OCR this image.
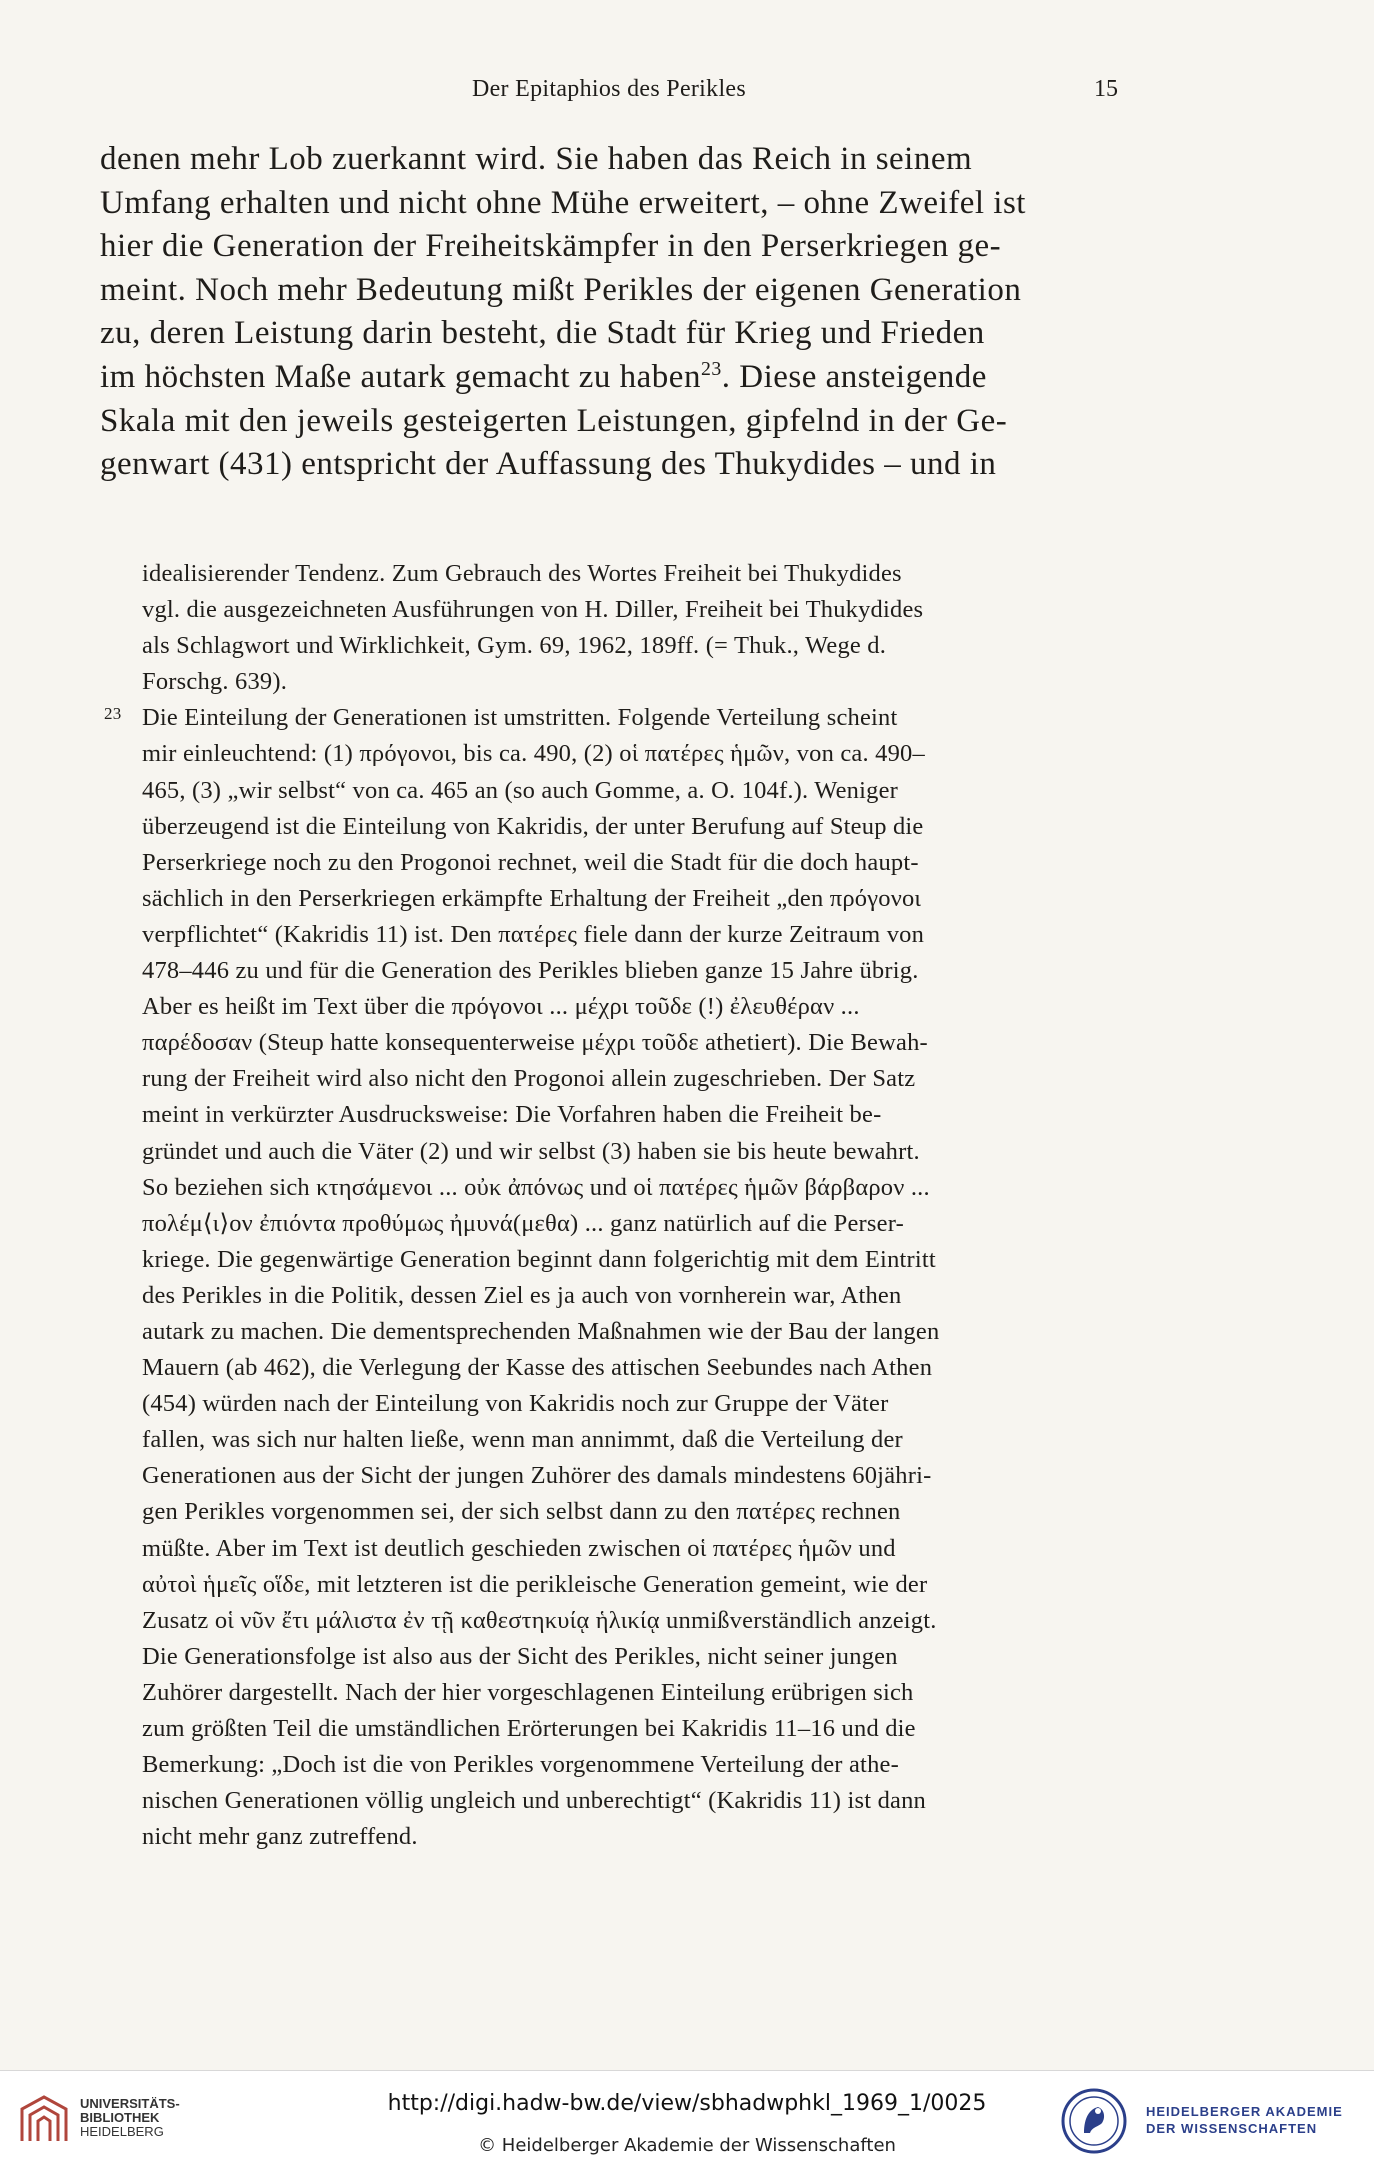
Der Epitaphios des Perikles	15
denen mehr Lob zuerkannt wird. Sie haben das Reich in seinem
Umfang erhalten und nicht ohne Mühe erweitert, – ohne Zweifel ist
hier die Generation der Freiheitskämpfer in den Perserkriegen ge-
meint. Noch mehr Bedeutung mißt Perikles der eigenen Generation
zu, deren Leistung darin besteht, die Stadt für Krieg und Frieden
im höchsten Maße autark gemacht zu haben$^{23}$. Diese ansteigende
Skala mit den jeweils gesteigerten Leistungen, gipfelnd in der Ge-
genwart (431) entspricht der Auffassung des Thukydides – und in
idealisierender Tendenz. Zum Gebrauch des Wortes Freiheit bei Thukydides
vgl. die ausgezeichneten Ausführungen von H. Diller, Freiheit bei Thukydides
als Schlagwort und Wirklichkeit, Gym. 69, 1962, 189ff. (= Thuk., Wege d.
Forschg. 639).
23 Die Einteilung der Generationen ist umstritten. Folgende Verteilung scheint
mir einleuchtend: (1) πρόγονοι, bis ca. 490, (2) οἱ πατέρες ἡμῶν, von ca. 490–
465, (3) „wir selbst“ von ca. 465 an (so auch Gomme, a. O. 104f.). Weniger
überzeugend ist die Einteilung von Kakridis, der unter Berufung auf Steup die
Perserkriege noch zu den Progonoi rechnet, weil die Stadt für die doch haupt-
sächlich in den Perserkriegen erkämpfte Erhaltung der Freiheit „den πρόγονοι
verpflichtet“ (Kakridis 11) ist. Den πατέρες fiele dann der kurze Zeitraum von
478–446 zu und für die Generation des Perikles blieben ganze 15 Jahre übrig.
Aber es heißt im Text über die πρόγονοι ... μέχρι τοῦδε (!) ἐλευθέραν ...
παρέδοσαν (Steup hatte konsequenterweise μέχρι τοῦδε athetiert). Die Bewah-
rung der Freiheit wird also nicht den Progonoi allein zugeschrieben. Der Satz
meint in verkürzter Ausdrucksweise: Die Vorfahren haben die Freiheit be-
gründet und auch die Väter (2) und wir selbst (3) haben sie bis heute bewahrt.
So beziehen sich κτησάμενοι ... οὐκ ἀπόνως und οἱ πατέρες ἡμῶν βάρβαρον ...
πολέμ⟨ι⟩ον ἐπιόντα προθύμως ἠμυνά(μεθα) ... ganz natürlich auf die Perser-
kriege. Die gegenwärtige Generation beginnt dann folgerichtig mit dem Eintritt
des Perikles in die Politik, dessen Ziel es ja auch von vornherein war, Athen
autark zu machen. Die dementsprechenden Maßnahmen wie der Bau der langen
Mauern (ab 462), die Verlegung der Kasse des attischen Seebundes nach Athen
(454) würden nach der Einteilung von Kakridis noch zur Gruppe der Väter
fallen, was sich nur halten ließe, wenn man annimmt, daß die Verteilung der
Generationen aus der Sicht der jungen Zuhörer des damals mindestens 60jähri-
gen Perikles vorgenommen sei, der sich selbst dann zu den πατέρες rechnen
müßte. Aber im Text ist deutlich geschieden zwischen οἱ πατέρες ἡμῶν und
αὐτοὶ ἡμεῖς οἵδε, mit letzteren ist die perikleische Generation gemeint, wie der
Zusatz οἱ νῦν ἔτι μάλιστα ἐν τῇ καθεστηκυίᾳ ἡλικίᾳ unmißverständlich anzeigt.
Die Generationsfolge ist also aus der Sicht des Perikles, nicht seiner jungen
Zuhörer dargestellt. Nach der hier vorgeschlagenen Einteilung erübrigen sich
zum größten Teil die umständlichen Erörterungen bei Kakridis 11–16 und die
Bemerkung: „Doch ist die von Perikles vorgenommene Verteilung der athe-
nischen Generationen völlig ungleich und unberechtigt“ (Kakridis 11) ist dann
nicht mehr ganz zutreffend.
UNIVERSITÄTS-
BIBLIOTHEK
HEIDELBERG
http://digi.hadw-bw.de/view/sbhadwphkl_1969_1/0025
© Heidelberger Akademie der Wissenschaften
HEIDELBERGER AKADEMIE
DER WISSENSCHAFTEN
